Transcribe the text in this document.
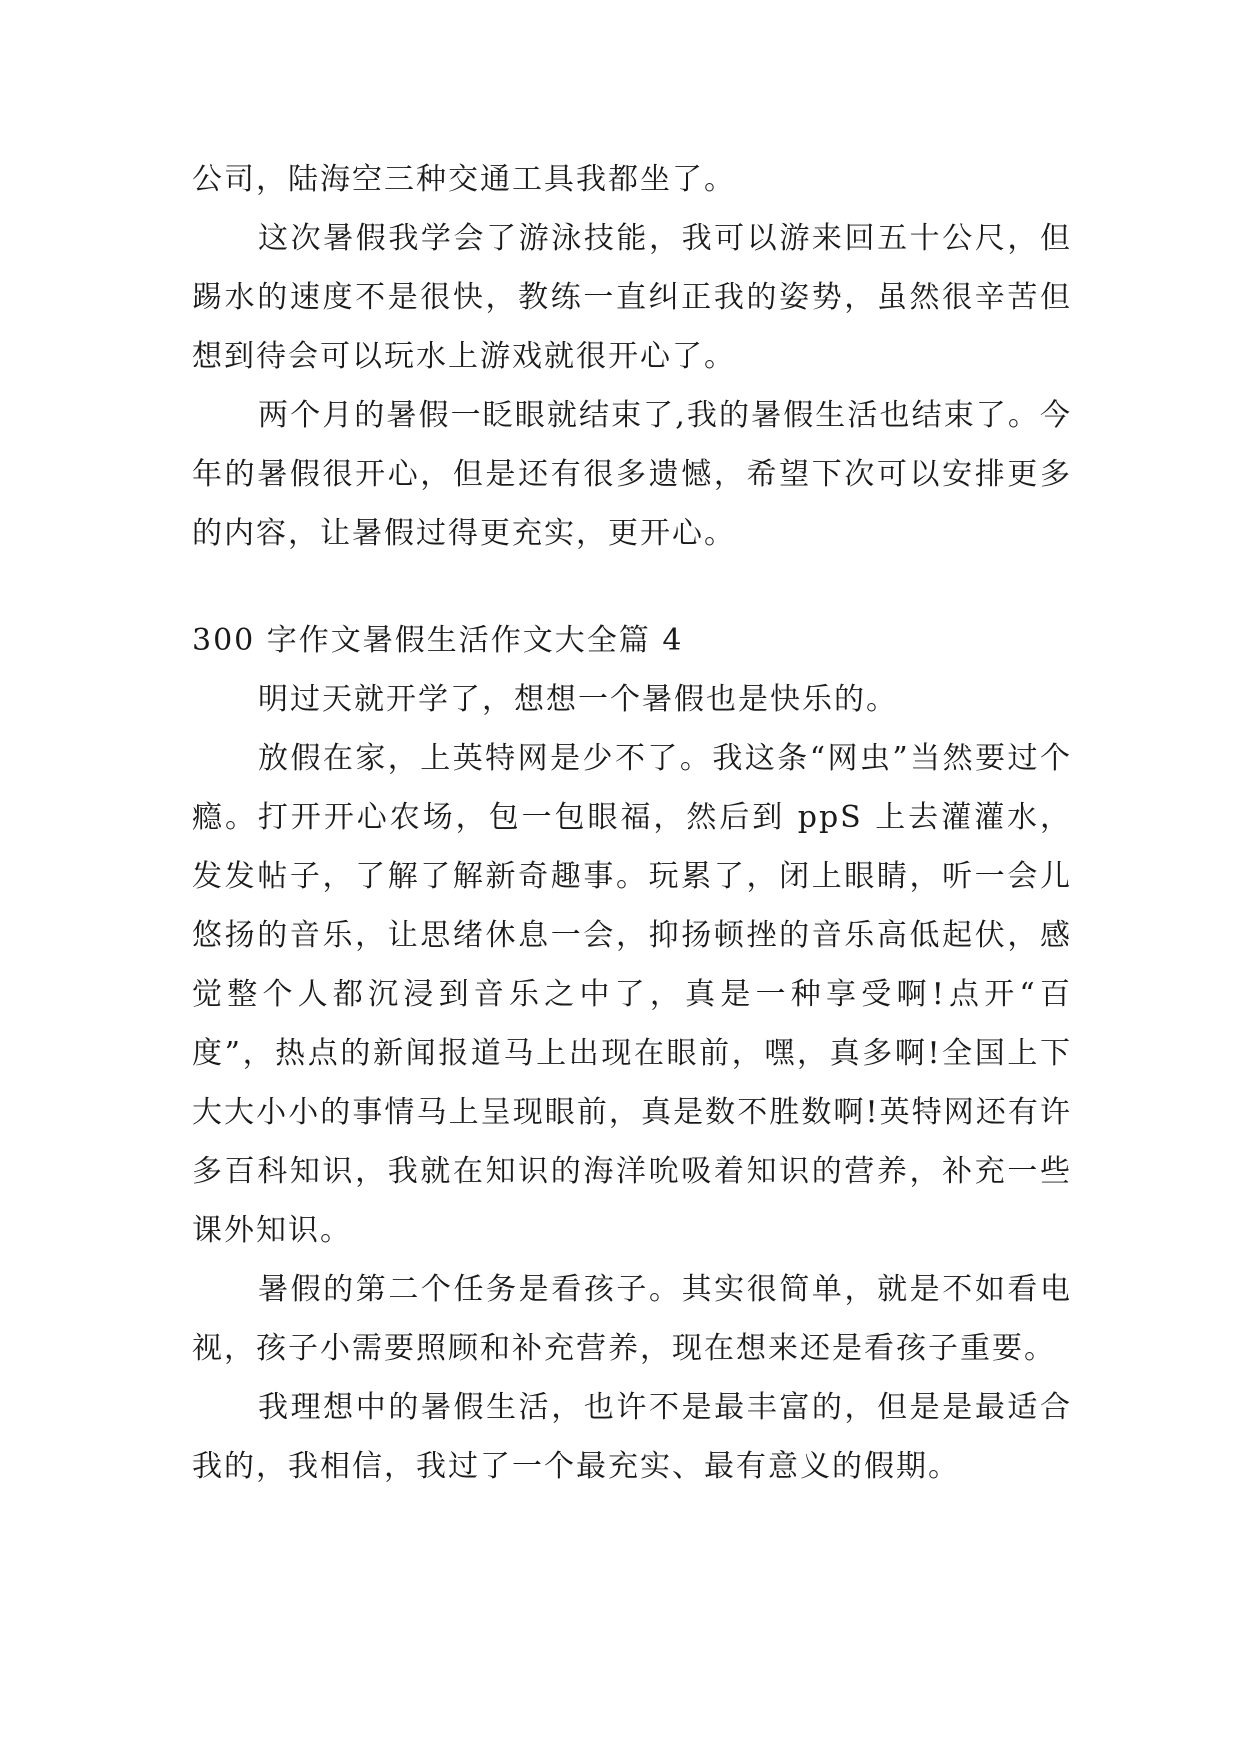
公司，陆海空三种交通工具我都坐了。

这次暑假我学会了游泳技能，我可以游来回五十公尺，但踢水的速度不是很快，教练一直纠正我的姿势，虽然很辛苦但想到待会可以玩水上游戏就很开心了。

两个月的暑假一眨眼就结束了,我的暑假生活也结束了。今年的暑假很开心，但是还有很多遗憾，希望下次可以安排更多的内容，让暑假过得更充实，更开心。

300 字作文暑假生活作文大全篇 4

明过天就开学了，想想一个暑假也是快乐的。

放假在家，上英特网是少不了。我这条“网虫”当然要过个瘾。打开开心农场，包一包眼福，然后到 ppS 上去灌灌水，发发帖子，了解了解新奇趣事。玩累了，闭上眼睛，听一会儿悠扬的音乐，让思绪休息一会，抑扬顿挫的音乐高低起伏，感觉整个人都沉浸到音乐之中了，真是一种享受啊!点开“百度”，热点的新闻报道马上出现在眼前，嘿，真多啊!全国上下大大小小的事情马上呈现眼前，真是数不胜数啊!英特网还有许多百科知识，我就在知识的海洋吮吸着知识的营养，补充一些课外知识。

暑假的第二个任务是看孩子。其实很简单，就是不如看电视，孩子小需要照顾和补充营养，现在想来还是看孩子重要。

我理想中的暑假生活，也许不是最丰富的，但是是最适合我的，我相信，我过了一个最充实、最有意义的假期。
